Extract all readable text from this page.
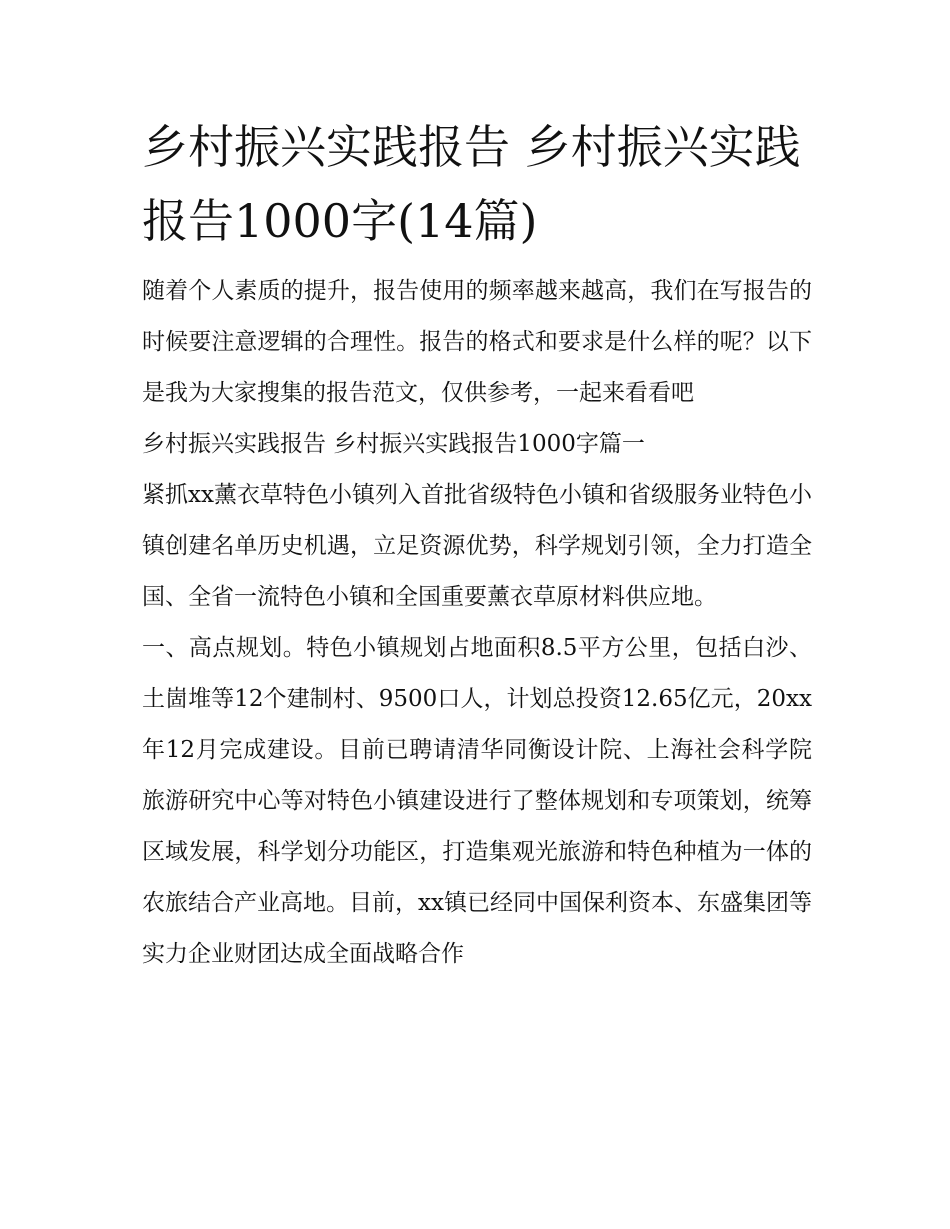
乡村振兴实践报告 乡村振兴实践报告1000字(14篇)

随着个人素质的提升，报告使用的频率越来越高，我们在写报告的时候要注意逻辑的合理性。报告的格式和要求是什么样的呢？以下是我为大家搜集的报告范文，仅供参考，一起来看看吧

乡村振兴实践报告 乡村振兴实践报告1000字篇一

紧抓xx薰衣草特色小镇列入首批省级特色小镇和省级服务业特色小镇创建名单历史机遇，立足资源优势，科学规划引领，全力打造全国、全省一流特色小镇和全国重要薰衣草原材料供应地。

一、高点规划。特色小镇规划占地面积8.5平方公里，包括白沙、土崮堆等12个建制村、9500口人，计划总投资12.65亿元，20xx年12月完成建设。目前已聘请清华同衡设计院、上海社会科学院旅游研究中心等对特色小镇建设进行了整体规划和专项策划，统筹区域发展，科学划分功能区，打造集观光旅游和特色种植为一体的农旅结合产业高地。目前，xx镇已经同中国保利资本、东盛集团等实力企业财团达成全面战略合作
